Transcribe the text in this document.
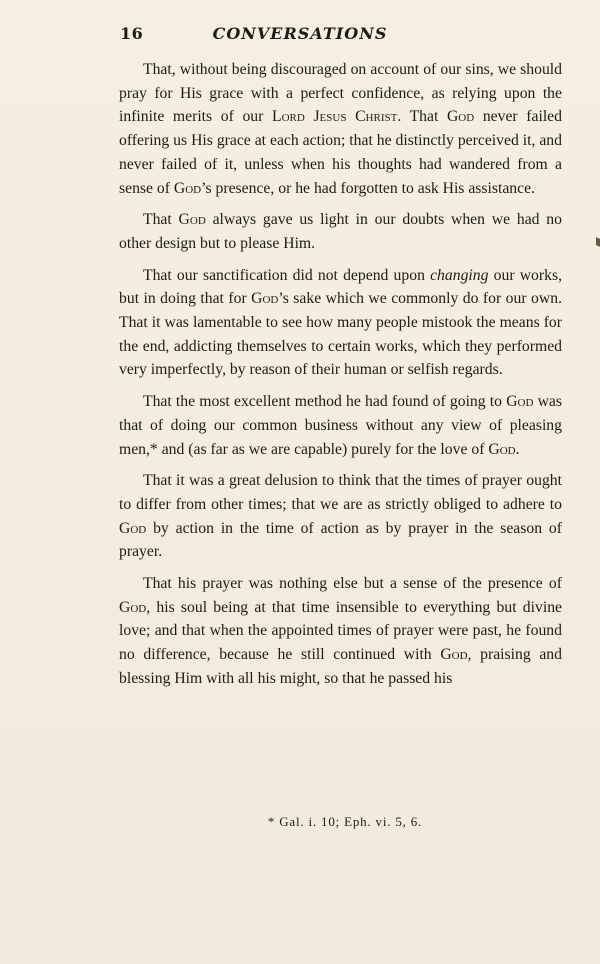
16	CONVERSATIONS

That, without being discouraged on account of our sins, we should pray for His grace with a perfect confidence, as relying upon the infinite merits of our Lord Jesus Christ. That God never failed offering us His grace at each action; that he distinctly perceived it, and never failed of it, unless when his thoughts had wandered from a sense of God’s presence, or he had forgotten to ask His assistance.

That God always gave us light in our doubts when we had no other design but to please Him.

That our sanctification did not depend upon changing our works, but in doing that for God’s sake which we commonly do for our own. That it was lamentable to see how many people mistook the means for the end, addicting themselves to certain works, which they performed very imperfectly, by reason of their human or selfish regards.

That the most excellent method he had found of going to God was that of doing our common business without any view of pleasing men,* and (as far as we are capable) purely for the love of God.

That it was a great delusion to think that the times of prayer ought to differ from other times; that we are as strictly obliged to adhere to God by action in the time of action as by prayer in the season of prayer.

That his prayer was nothing else but a sense of the presence of God, his soul being at that time insensible to everything but divine love; and that when the appointed times of prayer were past, he found no difference, because he still continued with God, praising and blessing Him with all his might, so that he passed his

* Gal. i. 10; Eph. vi. 5, 6.
